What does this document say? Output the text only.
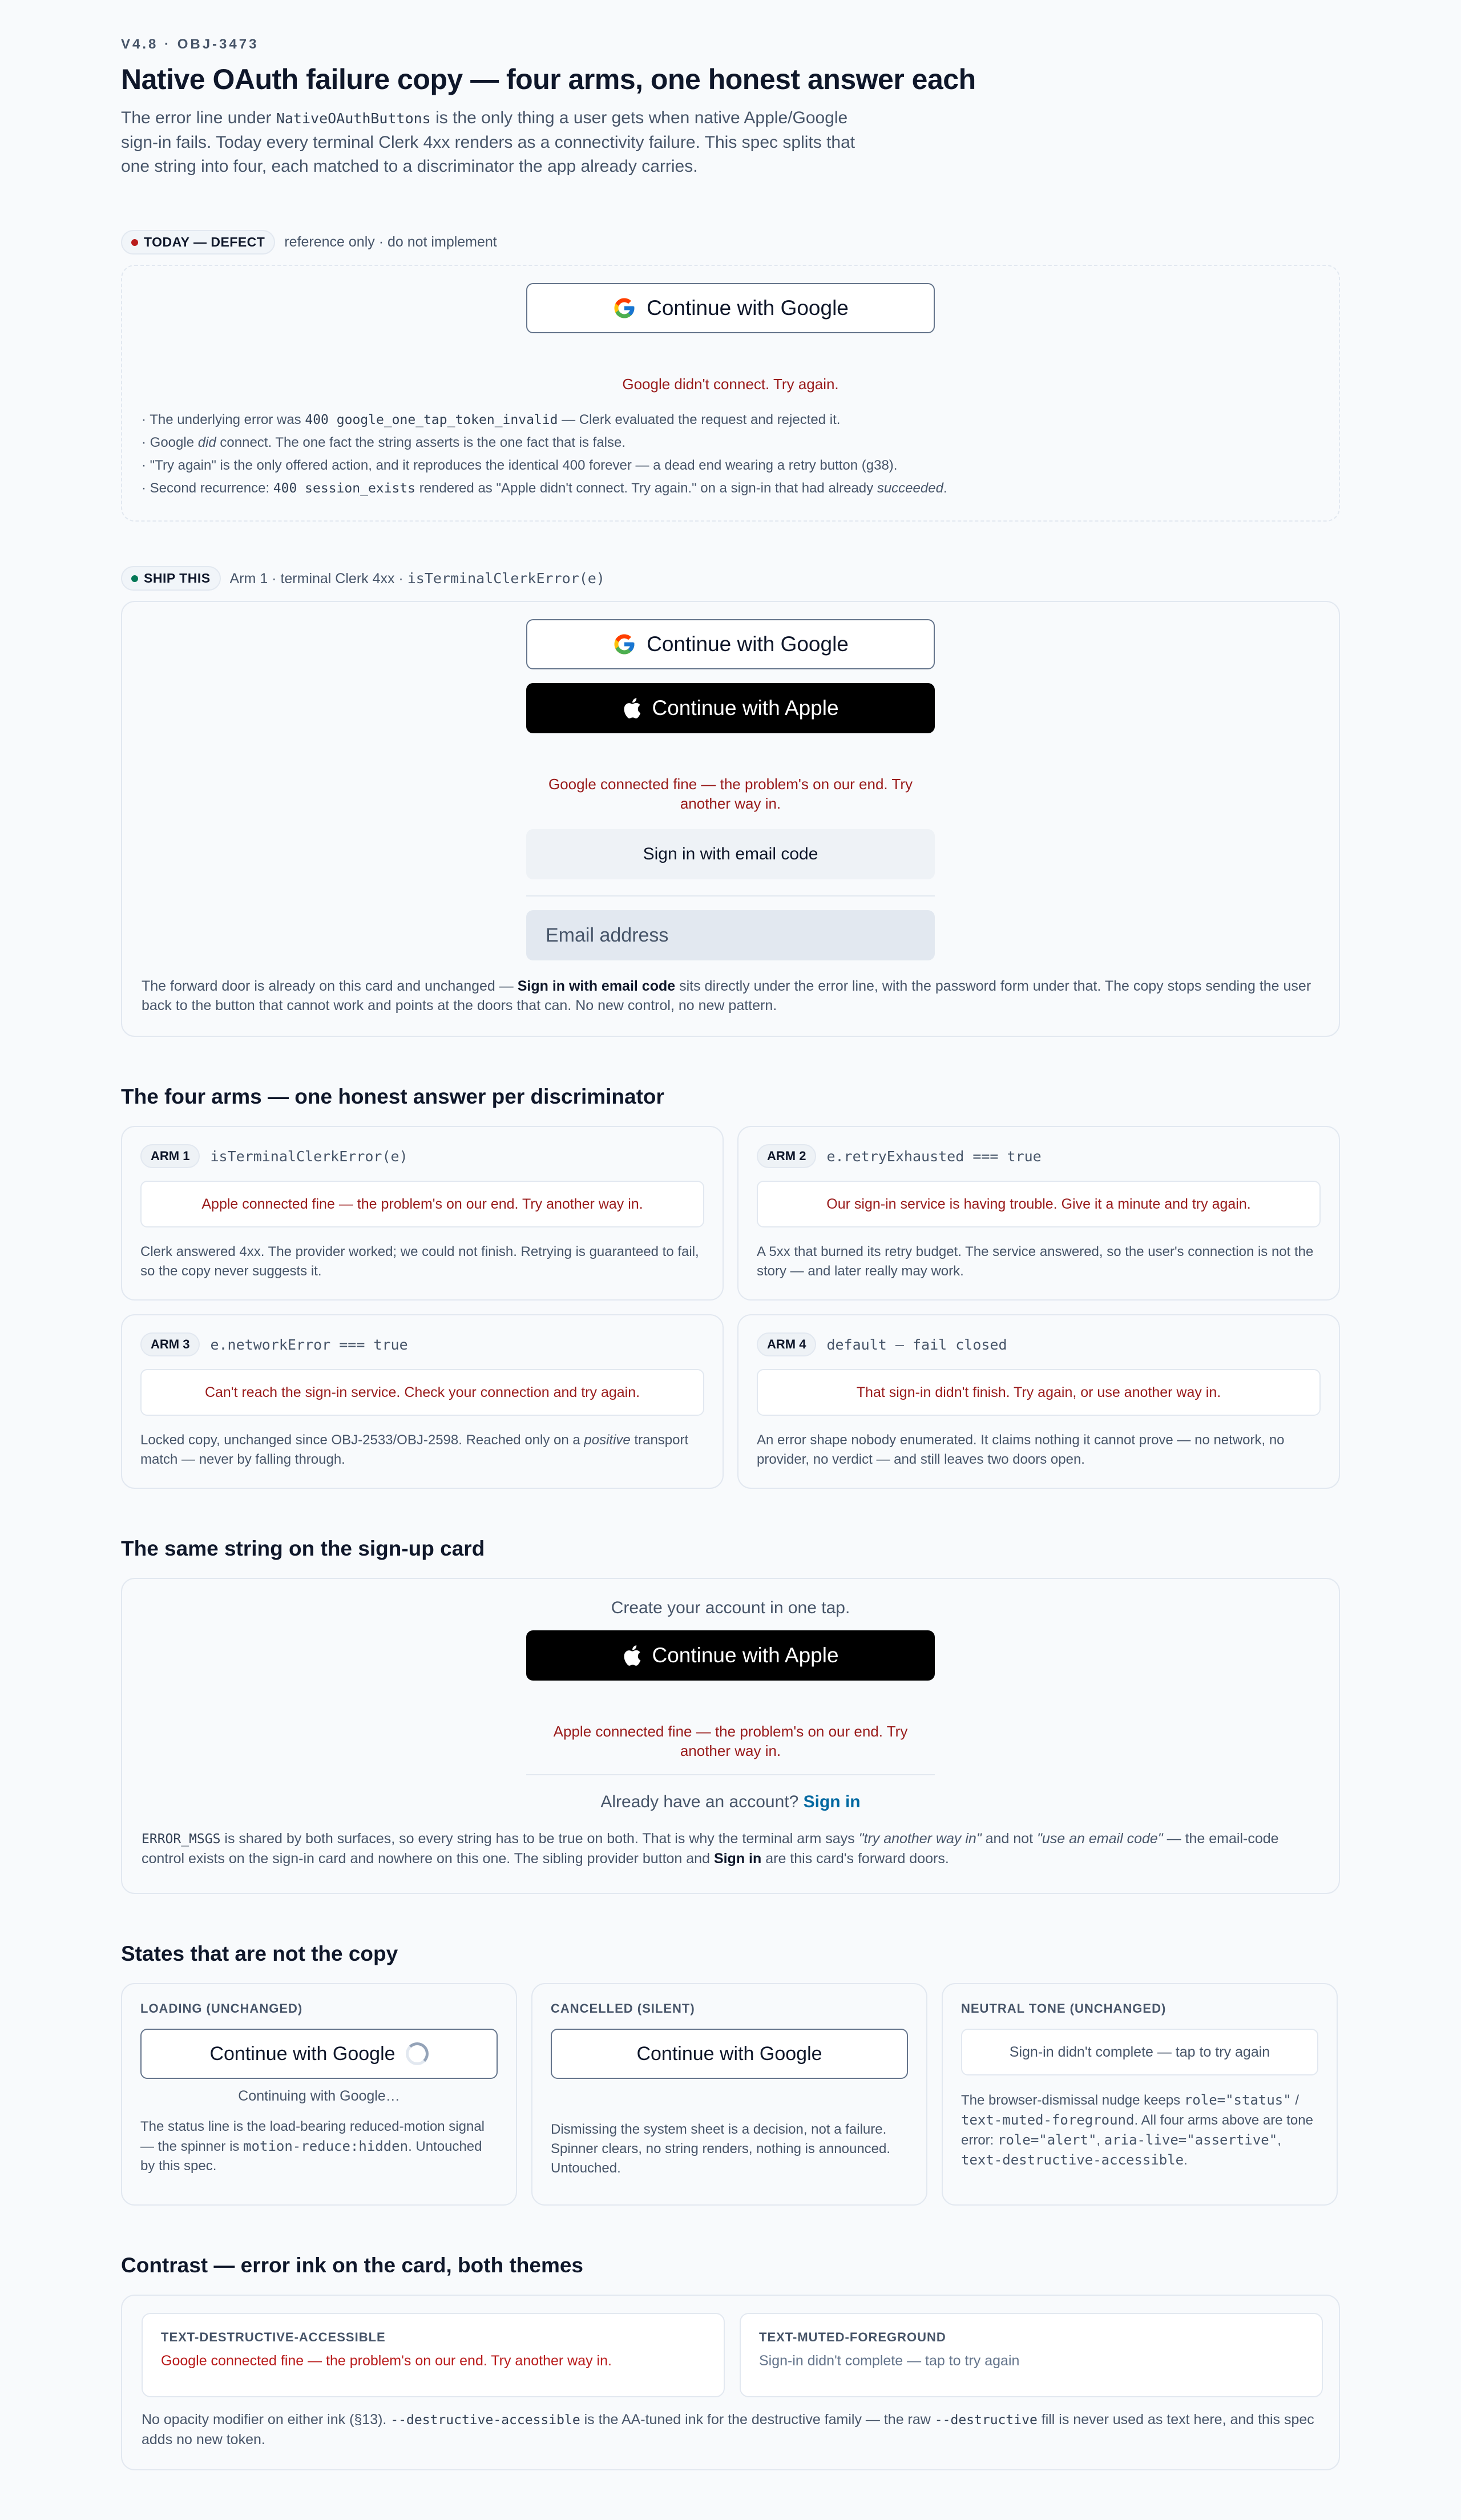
V4.8 · OBJ-3473
Native OAuth failure copy — four arms, one honest answer each

The error line under NativeOAuthButtons is the only thing a user gets when native Apple/Google sign-in fails. Today every terminal Clerk 4xx renders as a connectivity failure. This spec splits that one string into four, each matched to a discriminator the app already carries.

TODAY — DEFECT reference only · do not implement
Continue with Google
Google didn't connect. Try again.
· The underlying error was 400 google_one_tap_token_invalid — Clerk evaluated the request and rejected it.
· Google did connect. The one fact the string asserts is the one fact that is false.
· "Try again" is the only offered action, and it reproduces the identical 400 forever — a dead end wearing a retry button (g38).
· Second recurrence: 400 session_exists rendered as "Apple didn't connect. Try again." on a sign-in that had already succeeded.
SHIP THIS Arm 1 · terminal Clerk 4xx · isTerminalClerkError(e)
Continue with Google
Continue with Apple
Google connected fine — the problem's on our end. Try another way in.
Sign in with email code
Email address

The forward door is already on this card and unchanged — Sign in with email code sits directly under the error line, with the password form under that. The copy stops sending the user back to the button that cannot work and points at the doors that can. No new control, no new pattern.

The four arms — one honest answer per discriminator
ARM 1	isTerminalClerkError(e)
Apple connected fine — the problem's on our end. Try another way in.
Clerk answered 4xx. The provider worked; we could not finish. Retrying is guaranteed to fail, so the copy never suggests it.
ARM 2	e.retryExhausted === true
Our sign-in service is having trouble. Give it a minute and try again.
A 5xx that burned its retry budget. The service answered, so the user's connection is not the story — and later really may work.
ARM 3	e.networkError === true
Can't reach the sign-in service. Check your connection and try again.
Locked copy, unchanged since OBJ-2533/OBJ-2598. Reached only on a positive transport match — never by falling through.
ARM 4	default — fail closed
That sign-in didn't finish. Try again, or use another way in.
An error shape nobody enumerated. It claims nothing it cannot prove — no network, no provider, no verdict — and still leaves two doors open.
The same string on the sign-up card
Create your account in one tap.
Continue with Apple
Apple connected fine — the problem's on our end. Try another way in.
Already have an account? Sign in

ERROR_MSGS is shared by both surfaces, so every string has to be true on both. That is why the terminal arm says "try another way in" and not "use an email code" — the email-code control exists on the sign-in card and nowhere on this one. The sibling provider button and Sign in are this card's forward doors.

States that are not the copy
LOADING (UNCHANGED)
Continue with Google
Continuing with Google…
The status line is the load-bearing reduced-motion signal — the spinner is motion-reduce:hidden. Untouched by this spec.
CANCELLED (SILENT)
Continue with Google
Dismissing the system sheet is a decision, not a failure. Spinner clears, no string renders, nothing is announced. Untouched.
NEUTRAL TONE (UNCHANGED)
Sign-in didn't complete — tap to try again
The browser-dismissal nudge keeps role="status" / text-muted-foreground. All four arms above are tone error: role="alert", aria-live="assertive", text-destructive-accessible.
Contrast — error ink on the card, both themes
TEXT-DESTRUCTIVE-ACCESSIBLE
Google connected fine — the problem's on our end. Try another way in.
TEXT-MUTED-FOREGROUND
Sign-in didn't complete — tap to try again

No opacity modifier on either ink (§13). --destructive-accessible is the AA-tuned ink for the destructive family — the raw --destructive fill is never used as text here, and this spec adds no new token.
